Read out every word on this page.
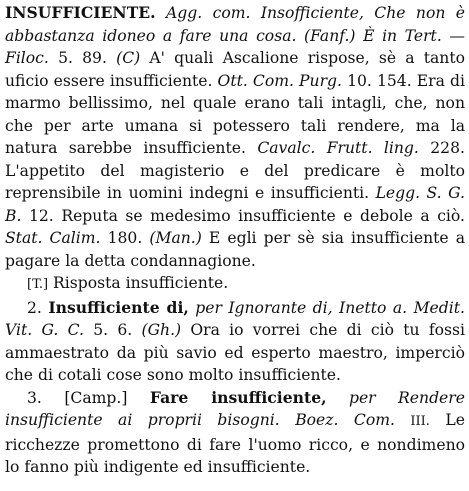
INSUFFICIENTE. Agg. com. Insofficiente, Che non è abbastanza idoneo a fare una cosa. (Fanf.) È in Tert. — Filoc. 5. 89. (C) A' quali Ascalione rispose, sè a tanto uficio essere insufficiente. Ott. Com. Purg. 10. 154. Era di marmo bellissimo, nel quale erano tali intagli, che, non che per arte umana si potessero tali rendere, ma la natura sarebbe insufficiente. Cavalc. Frutt. ling. 228. L'appetito del magisterio e del predicare è molto reprensibile in uomini indegni e insufficienti. Legg. S. G. B. 12. Reputa se medesimo insufficiente e debole a ciò. Stat. Calim. 180. (Man.) E egli per sè sia insufficiente a pagare la detta condannagione.

[T.] Risposta insufficiente.

2. Insufficiente di, per Ignorante di, Inetto a. Medit. Vit. G. C. 5. 6. (Gh.) Ora io vorrei che di ciò tu fossi ammaestrato da più savio ed esperto maestro, imperciò che di cotali cose sono molto insufficiente.

3. [Camp.] Fare insufficiente, per Rendere insufficiente ai proprii bisogni. Boez. Com. III. Le ricchezze promettono di fare l'uomo ricco, e nondimeno lo fanno più indigente ed insufficiente.
